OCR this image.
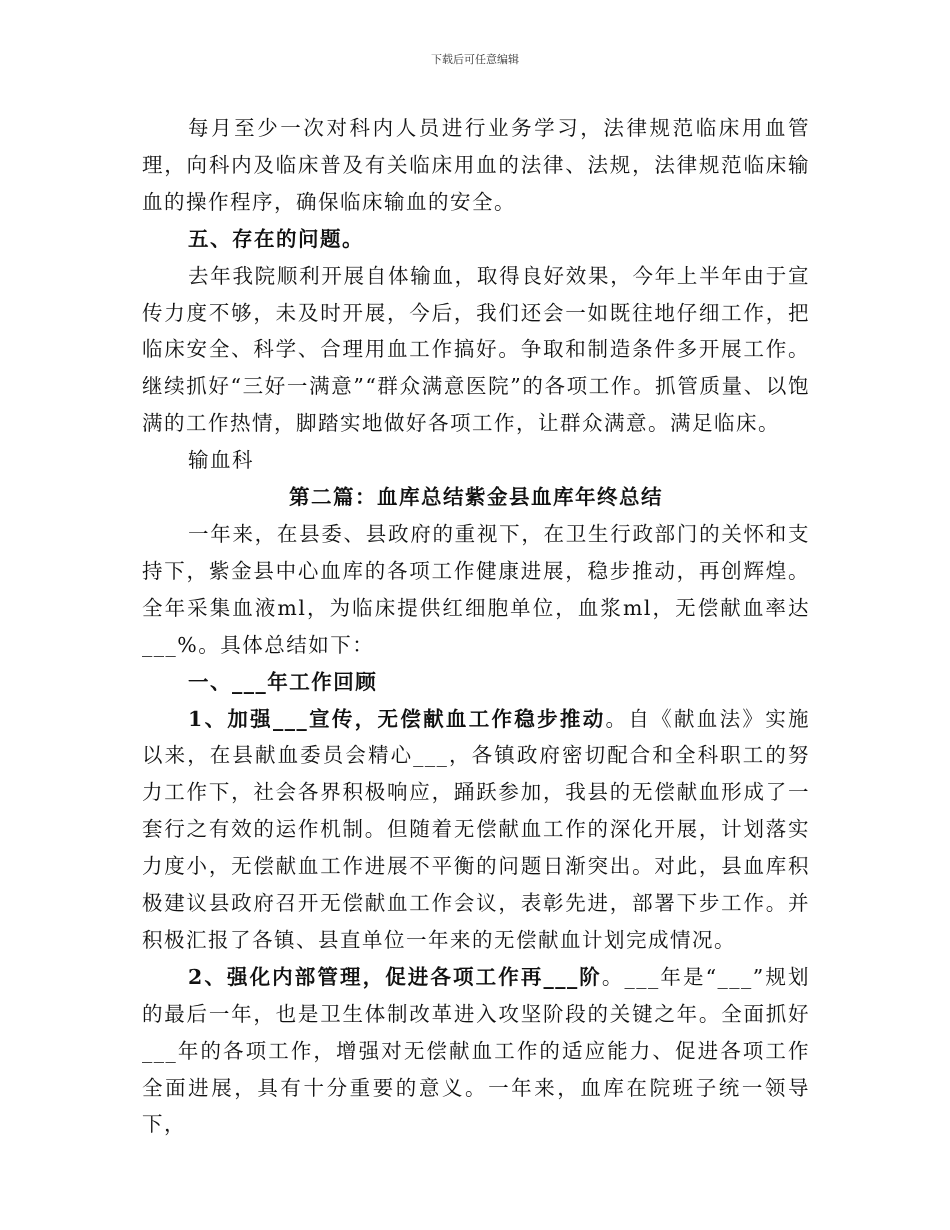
下载后可任意编辑

每月至少一次对科内人员进行业务学习，法律规范临床用血管理，向科内及临床普及有关临床用血的法律、法规，法律规范临床输血的操作程序，确保临床输血的安全。

五、存在的问题。

去年我院顺利开展自体输血，取得良好效果，今年上半年由于宣传力度不够，未及时开展，今后，我们还会一如既往地仔细工作，把临床安全、科学、合理用血工作搞好。争取和制造条件多开展工作。继续抓好“三好一满意”“群众满意医院”的各项工作。抓管质量、以饱满的工作热情，脚踏实地做好各项工作，让群众满意。满足临床。

输血科

第二篇：血库总结紫金县血库年终总结

一年来，在县委、县政府的重视下，在卫生行政部门的关怀和支持下，紫金县中心血库的各项工作健康进展，稳步推动，再创辉煌。全年采集血液ml，为临床提供红细胞单位，血浆ml，无偿献血率达___%。具体总结如下：

一、___年工作回顾

1、加强___宣传，无偿献血工作稳步推动。自《献血法》实施以来，在县献血委员会精心___，各镇政府密切配合和全科职工的努力工作下，社会各界积极响应，踊跃参加，我县的无偿献血形成了一套行之有效的运作机制。但随着无偿献血工作的深化开展，计划落实力度小，无偿献血工作进展不平衡的问题日渐突出。对此，县血库积极建议县政府召开无偿献血工作会议，表彰先进，部署下步工作。并积极汇报了各镇、县直单位一年来的无偿献血计划完成情况。

2、强化内部管理，促进各项工作再___阶。___年是“___”规划的最后一年，也是卫生体制改革进入攻坚阶段的关键之年。全面抓好___年的各项工作，增强对无偿献血工作的适应能力、促进各项工作全面进展，具有十分重要的意义。一年来，血库在院班子统一领导下，
